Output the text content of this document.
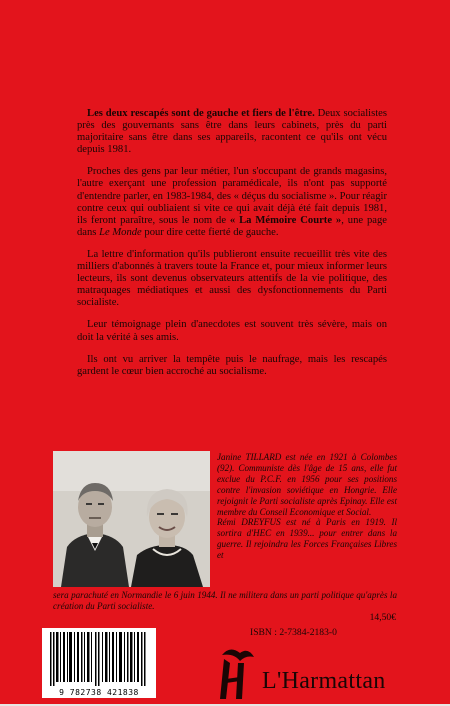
Les deux rescapés sont de gauche et fiers de l'être. Deux socialistes près des gouvernants sans être dans leurs cabinets, près du parti majoritaire sans être dans ses appareils, racontent ce qu'ils ont vécu depuis 1981.

Proches des gens par leur métier, l'un s'occupant de grands magasins, l'autre exerçant une profession paramédicale, ils n'ont pas supporté d'entendre parler, en 1983-1984, des « déçus du socialisme ». Pour réagir contre ceux qui oubliaient si vite ce qui avait déjà été fait depuis 1981, ils feront paraître, sous le nom de « La Mémoire Courte », une page dans Le Monde pour dire cette fierté de gauche.

La lettre d'information qu'ils publieront ensuite recueillit très vite des milliers d'abonnés à travers toute la France et, pour mieux informer leurs lecteurs, ils sont devenus observateurs attentifs de la vie politique, des matraquages médiatiques et aussi des dysfonctionnements du Parti socialiste.

Leur témoignage plein d'anecdotes est souvent très sévère, mais on doit la vérité à ses amis.

Ils ont vu arriver la tempête puis le naufrage, mais les rescapés gardent le cœur bien accroché au socialisme.

Janine TILLARD est née en 1921 à Colombes (92). Communiste dès l'âge de 15 ans, elle fut exclue du P.C.F. en 1956 pour ses positions contre l'invasion soviétique en Hongrie. Elle rejoignit le Parti socialiste après Epinay. Elle est membre du Conseil Economique et Social.

Rémi DREYFUS est né à Paris en 1919. Il sortira d'HEC en 1939... pour entrer dans la guerre. Il rejoindra les Forces Françaises Libres et

sera parachuté en Normandie le 6 juin 1944. Il ne militera dans un parti politique qu'après la création du Parti socialiste.
14,50€
ISBN : 2-7384-2183-0
9 782738 421838	L'Harmattan
